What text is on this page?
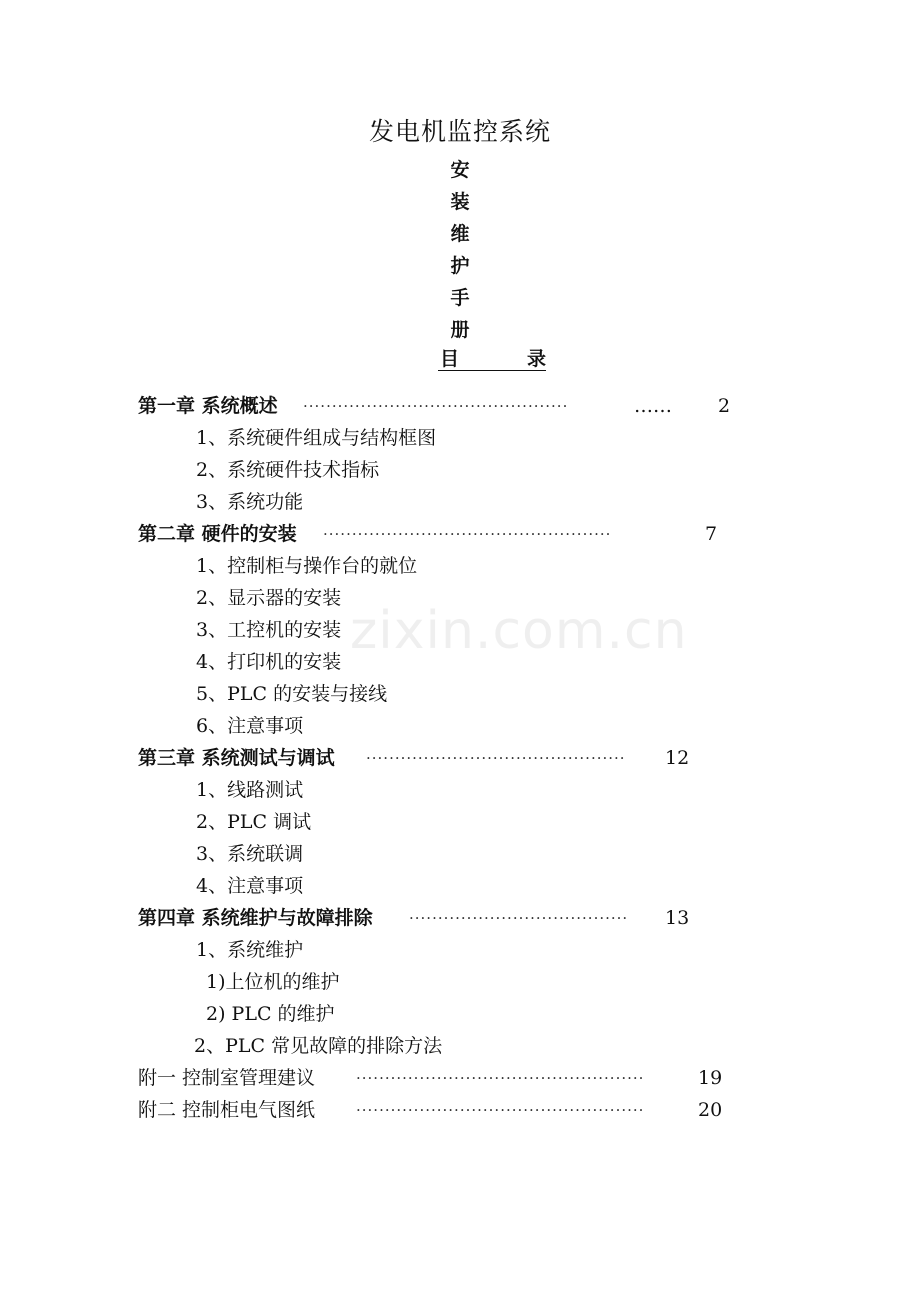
zixin.com.cn
发电机监控系统
安
装
维
护
手
册
目	录
第一章 系统概述 ··············································	…… 2
1、系统硬件组成与结构框图
2、系统硬件技术指标
3、系统功能
第二章 硬件的安装 ··················································	7
1、控制柜与操作台的就位
2、显示器的安装
3、工控机的安装
4、打印机的安装
5、PLC 的安装与接线
6、注意事项
第三章 系统测试与调试 ·············································	12
1、线路测试
2、PLC 调试
3、系统联调
4、注意事项
第四章 系统维护与故障排除 ······································	13
1、系统维护
1)上位机的维护
2) PLC 的维护
2、PLC 常见故障的排除方法
附一 控制室管理建议	··················································	19
附二 控制柜电气图纸	··················································	20
